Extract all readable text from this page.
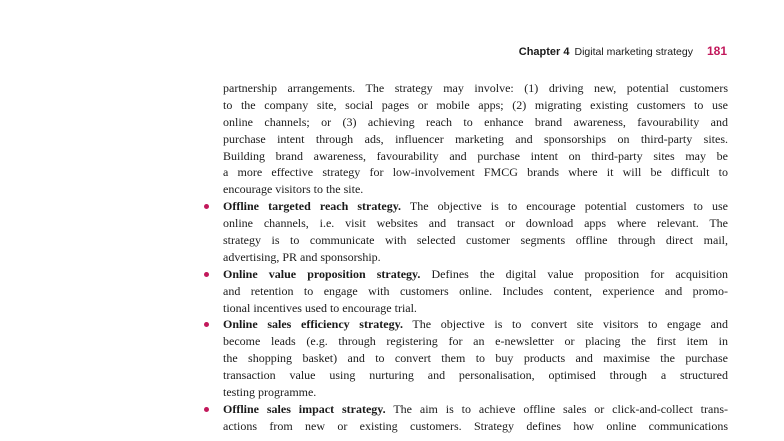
Chapter 4 Digital marketing strategy 181
partnership arrangements. The strategy may involve: (1) driving new, potential customers
to the company site, social pages or mobile apps; (2) migrating existing customers to use
online channels; or (3) achieving reach to enhance brand awareness, favourability and
purchase intent through ads, influencer marketing and sponsorships on third-party sites.
Building brand awareness, favourability and purchase intent on third-party sites may be
a more effective strategy for low-involvement FMCG brands where it will be difficult to
encourage visitors to the site.
Offline targeted reach strategy. The objective is to encourage potential customers to use
online channels, i.e. visit websites and transact or download apps where relevant. The
strategy is to communicate with selected customer segments offline through direct mail,
advertising, PR and sponsorship.
Online value proposition strategy. Defines the digital value proposition for acquisition
and retention to engage with customers online. Includes content, experience and promo-
tional incentives used to encourage trial.
Online sales efficiency strategy. The objective is to convert site visitors to engage and
become leads (e.g. through registering for an e-newsletter or placing the first item in
the shopping basket) and to convert them to buy products and maximise the purchase
transaction value using nurturing and personalisation, optimised through a structured
testing programme.
Offline sales impact strategy. The aim is to achieve offline sales or click-and-collect trans-
actions from new or existing customers. Strategy defines how online communications
